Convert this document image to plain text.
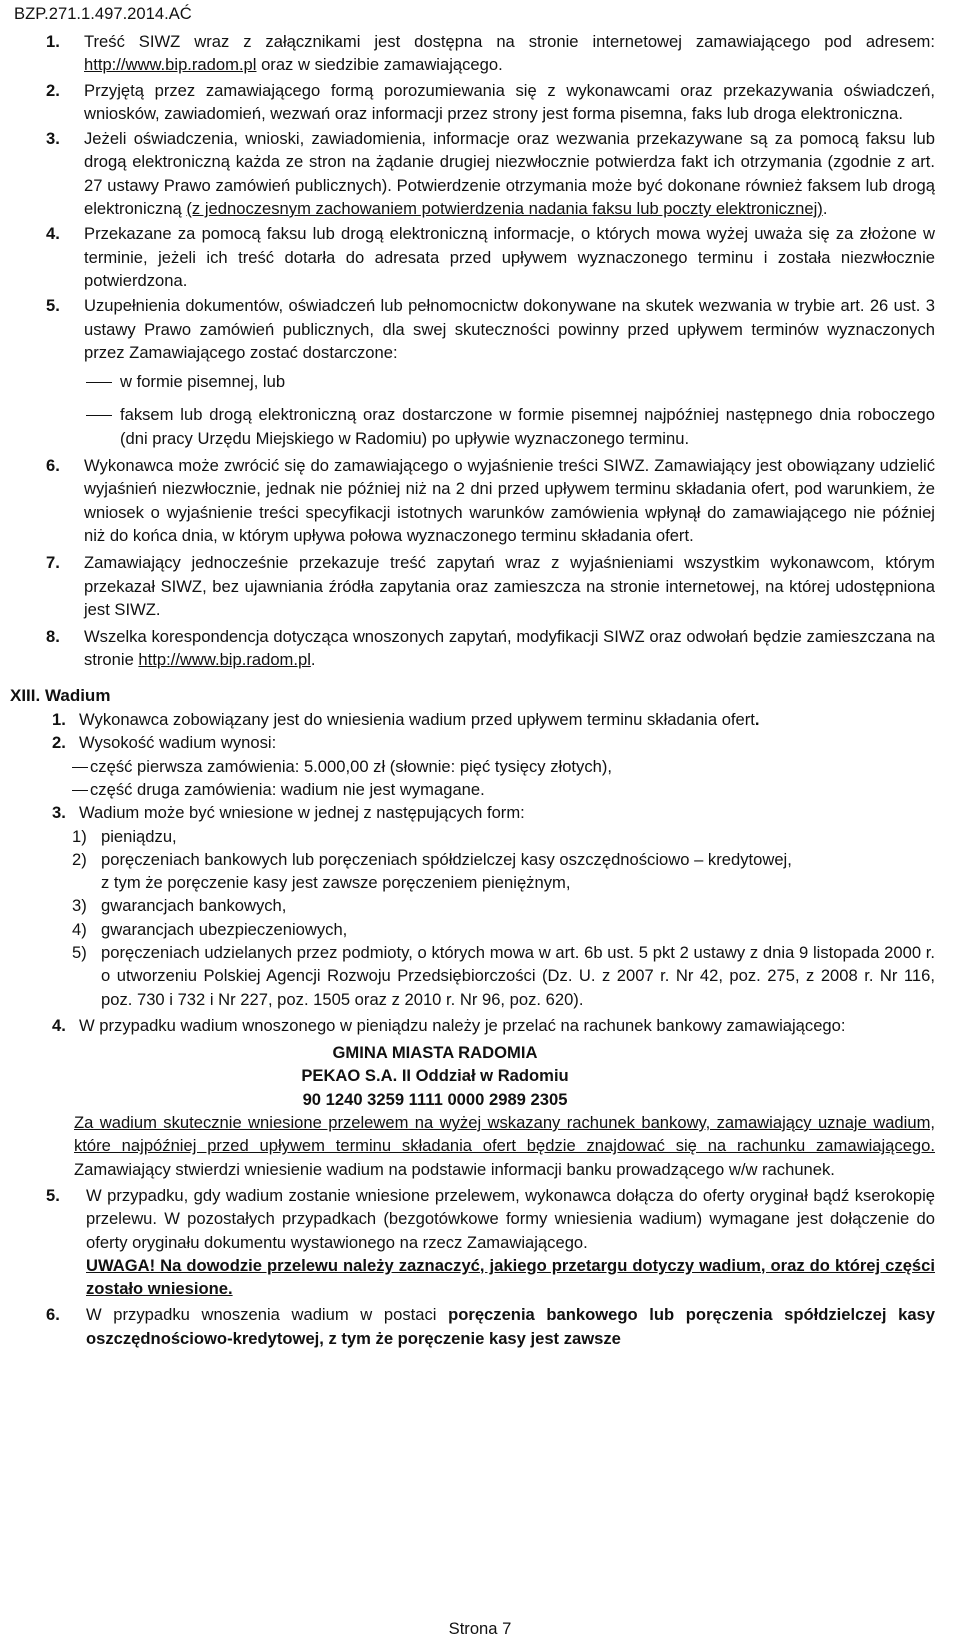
BZP.271.1.497.2014.AĆ
1. Treść SIWZ wraz z załącznikami jest dostępna na stronie internetowej zamawiającego pod adresem: http://www.bip.radom.pl oraz w siedzibie zamawiającego.
2. Przyjętą przez zamawiającego formą porozumiewania się z wykonawcami oraz przekazywania oświadczeń, wniosków, zawiadomień, wezwań oraz informacji przez strony jest forma pisemna, faks lub droga elektroniczna.
3. Jeżeli oświadczenia, wnioski, zawiadomienia, informacje oraz wezwania przekazywane są za pomocą faksu lub drogą elektroniczną każda ze stron na żądanie drugiej niezwłocznie potwierdza fakt ich otrzymania (zgodnie z art. 27 ustawy Prawo zamówień publicznych). Potwierdzenie otrzymania może być dokonane również faksem lub drogą elektroniczną (z jednoczesnym zachowaniem potwierdzenia nadania faksu lub poczty elektronicznej).
4. Przekazane za pomocą faksu lub drogą elektroniczną informacje, o których mowa wyżej uważa się za złożone w terminie, jeżeli ich treść dotarła do adresata przed upływem wyznaczonego terminu i została niezwłocznie potwierdzona.
5. Uzupełnienia dokumentów, oświadczeń lub pełnomocnictw dokonywane na skutek wezwania w trybie art. 26 ust. 3 ustawy Prawo zamówień publicznych, dla swej skuteczności powinny przed upływem terminów wyznaczonych przez Zamawiającego zostać dostarczone:
w formie pisemnej, lub
faksem lub drogą elektroniczną oraz dostarczone w formie pisemnej najpóźniej następnego dnia roboczego (dni pracy Urzędu Miejskiego w Radomiu) po upływie wyznaczonego terminu.
6. Wykonawca może zwrócić się do zamawiającego o wyjaśnienie treści SIWZ. Zamawiający jest obowiązany udzielić wyjaśnień niezwłocznie, jednak nie później niż na 2 dni przed upływem terminu składania ofert, pod warunkiem, że wniosek o wyjaśnienie treści specyfikacji istotnych warunków zamówienia wpłynął do zamawiającego nie później niż do końca dnia, w którym upływa połowa wyznaczonego terminu składania ofert.
7. Zamawiający jednocześnie przekazuje treść zapytań wraz z wyjaśnieniami wszystkim wykonawcom, którym przekazał SIWZ, bez ujawniania źródła zapytania oraz zamieszcza na stronie internetowej, na której udostępniona jest SIWZ.
8. Wszelka korespondencja dotycząca wnoszonych zapytań, modyfikacji SIWZ oraz odwołań będzie zamieszczana na stronie http://www.bip.radom.pl.
XIII. Wadium
1. Wykonawca zobowiązany jest do wniesienia wadium przed upływem terminu składania ofert.
2. Wysokość wadium wynosi:
część pierwsza zamówienia: 5.000,00 zł (słownie: pięć tysięcy złotych),
część druga zamówienia: wadium nie jest wymagane.
3. Wadium może być wniesione w jednej z następujących form:
1) pieniądzu,
2) poręczeniach bankowych lub poręczeniach spółdzielczej kasy oszczędnościowo – kredytowej,
z tym że poręczenie kasy jest zawsze poręczeniem pieniężnym,
3) gwarancjach bankowych,
4) gwarancjach ubezpieczeniowych,
5) poręczeniach udzielanych przez podmioty, o których mowa w art. 6b ust. 5 pkt 2 ustawy z dnia 9 listopada 2000 r. o utworzeniu Polskiej Agencji Rozwoju Przedsiębiorczości (Dz. U. z 2007 r. Nr 42, poz. 275, z 2008 r. Nr 116, poz. 730 i 732 i Nr 227, poz. 1505 oraz z 2010 r. Nr 96, poz. 620).
4. W przypadku wadium wnoszonego w pieniądzu należy je przelać na rachunek bankowy zamawiającego:
GMINA MIASTA RADOMIA
PEKAO S.A. II Oddział w Radomiu
90 1240 3259 1111 0000 2989 2305
Za wadium skutecznie wniesione przelewem na wyżej wskazany rachunek bankowy, zamawiający uznaje wadium, które najpóźniej przed upływem terminu składania ofert będzie znajdować się na rachunku zamawiającego. Zamawiający stwierdzi wniesienie wadium na podstawie informacji banku prowadzącego w/w rachunek.
5. W przypadku, gdy wadium zostanie wniesione przelewem, wykonawca dołącza do oferty oryginał bądź kserokopię przelewu. W pozostałych przypadkach (bezgotówkowe formy wniesienia wadium) wymagane jest dołączenie do oferty oryginału dokumentu wystawionego na rzecz Zamawiającego.
UWAGA! Na dowodzie przelewu należy zaznaczyć, jakiego przetargu dotyczy wadium, oraz do której części zostało wniesione.
6. W przypadku wnoszenia wadium w postaci poręczenia bankowego lub poręczenia spółdzielczej kasy oszczędnościowo-kredytowej, z tym że poręczenie kasy jest zawsze
Strona 7
